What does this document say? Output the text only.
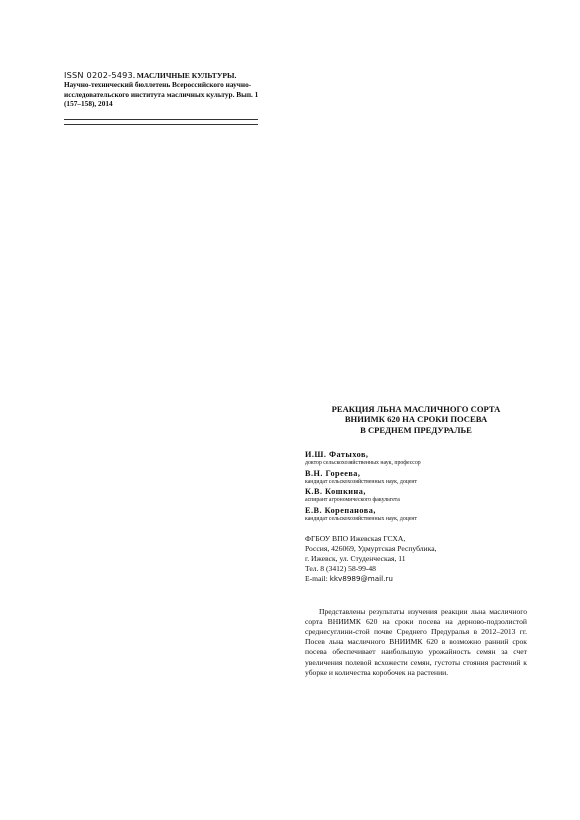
ISSN 0202-5493. МАСЛИЧНЫЕ КУЛЬТУРЫ.
Научно-технический бюллетень Всероссийского научно-исследовательского института масличных культур. Вып. 1 (157–158), 2014
РЕАКЦИЯ ЛЬНА МАСЛИЧНОГО СОРТА
ВНИИМК 620 НА СРОКИ ПОСЕВА
В СРЕДНЕМ ПРЕДУРАЛЬЕ
И.Ш. Фатыхов,
доктор сельскохозяйственных наук, профессор
В.Н. Гореева,
кандидат сельскохозяйственных наук, доцент
К.В. Кошкина,
аспирант агрономического факультета
Е.В. Корепанова,
кандидат сельскохозяйственных наук, доцент
ФГБОУ ВПО Ижевская ГСХА,
Россия, 426069, Удмуртская Республика,
г. Ижевск, ул. Студенческая, 11
Тел. 8 (3412) 58-99-48
E-mail: kkv8989@mail.ru

Представлены результаты изучения реакции льна масличного сорта ВНИИМК 620 на сроки посева на дерново-подзолистой среднесуглини-стой почве Среднего Предуралья в 2012–2013 гг. Посев льна масличного ВНИИМК 620 в возможно ранний срок посева обеспечивает наибольшую урожайность семян за счет увеличения полевой всхожести семян, густоты стояния растений к уборке и количества коробочек на растении.
